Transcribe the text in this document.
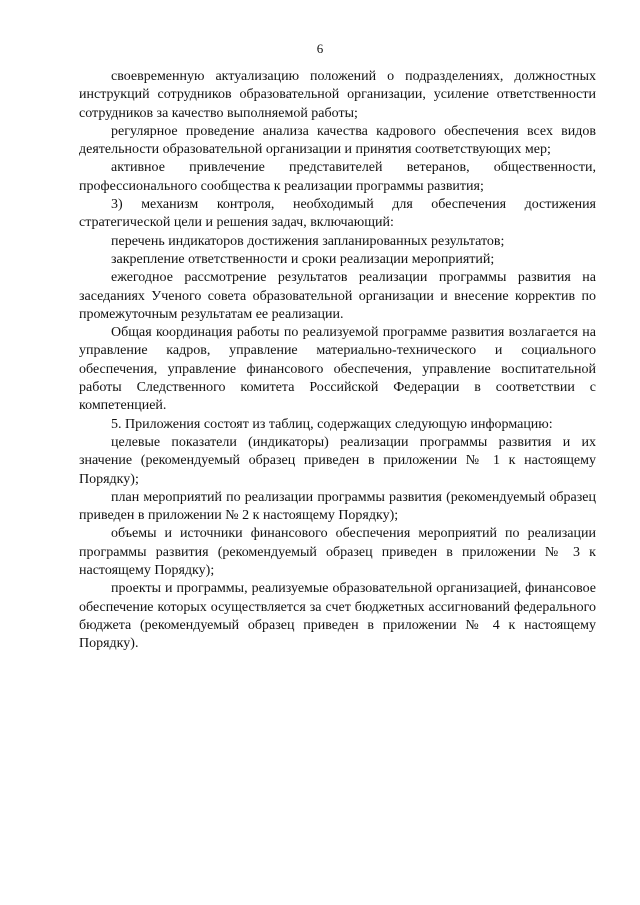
6

своевременную актуализацию положений о подразделениях, должностных инструкций сотрудников образовательной организации, усиление ответственности сотрудников за качество выполняемой работы;

регулярное проведение анализа качества кадрового обеспечения всех видов деятельности образовательной организации и принятия соответствующих мер;

активное привлечение представителей ветеранов, общественности, профессионального сообщества к реализации программы развития;

3) механизм контроля, необходимый для обеспечения достижения стратегической цели и решения задач, включающий:

перечень индикаторов достижения запланированных результатов;

закрепление ответственности и сроки реализации мероприятий;

ежегодное рассмотрение результатов реализации программы развития на заседаниях Ученого совета образовательной организации и внесение корректив по промежуточным результатам ее реализации.

Общая координация работы по реализуемой программе развития возлагается на управление кадров, управление материально-технического и социального обеспечения, управление финансового обеспечения, управление воспитательной работы Следственного комитета Российской Федерации в соответствии с компетенцией.

5. Приложения состоят из таблиц, содержащих следующую информацию:

целевые показатели (индикаторы) реализации программы развития и их значение (рекомендуемый образец приведен в приложении № 1 к настоящему Порядку);

план мероприятий по реализации программы развития (рекомендуемый образец приведен в приложении № 2 к настоящему Порядку);

объемы и источники финансового обеспечения мероприятий по реализации программы развития (рекомендуемый образец приведен в приложении № 3 к настоящему Порядку);

проекты и программы, реализуемые образовательной организацией, финансовое обеспечение которых осуществляется за счет бюджетных ассигнований федерального бюджета (рекомендуемый образец приведен в приложении № 4 к настоящему Порядку).
